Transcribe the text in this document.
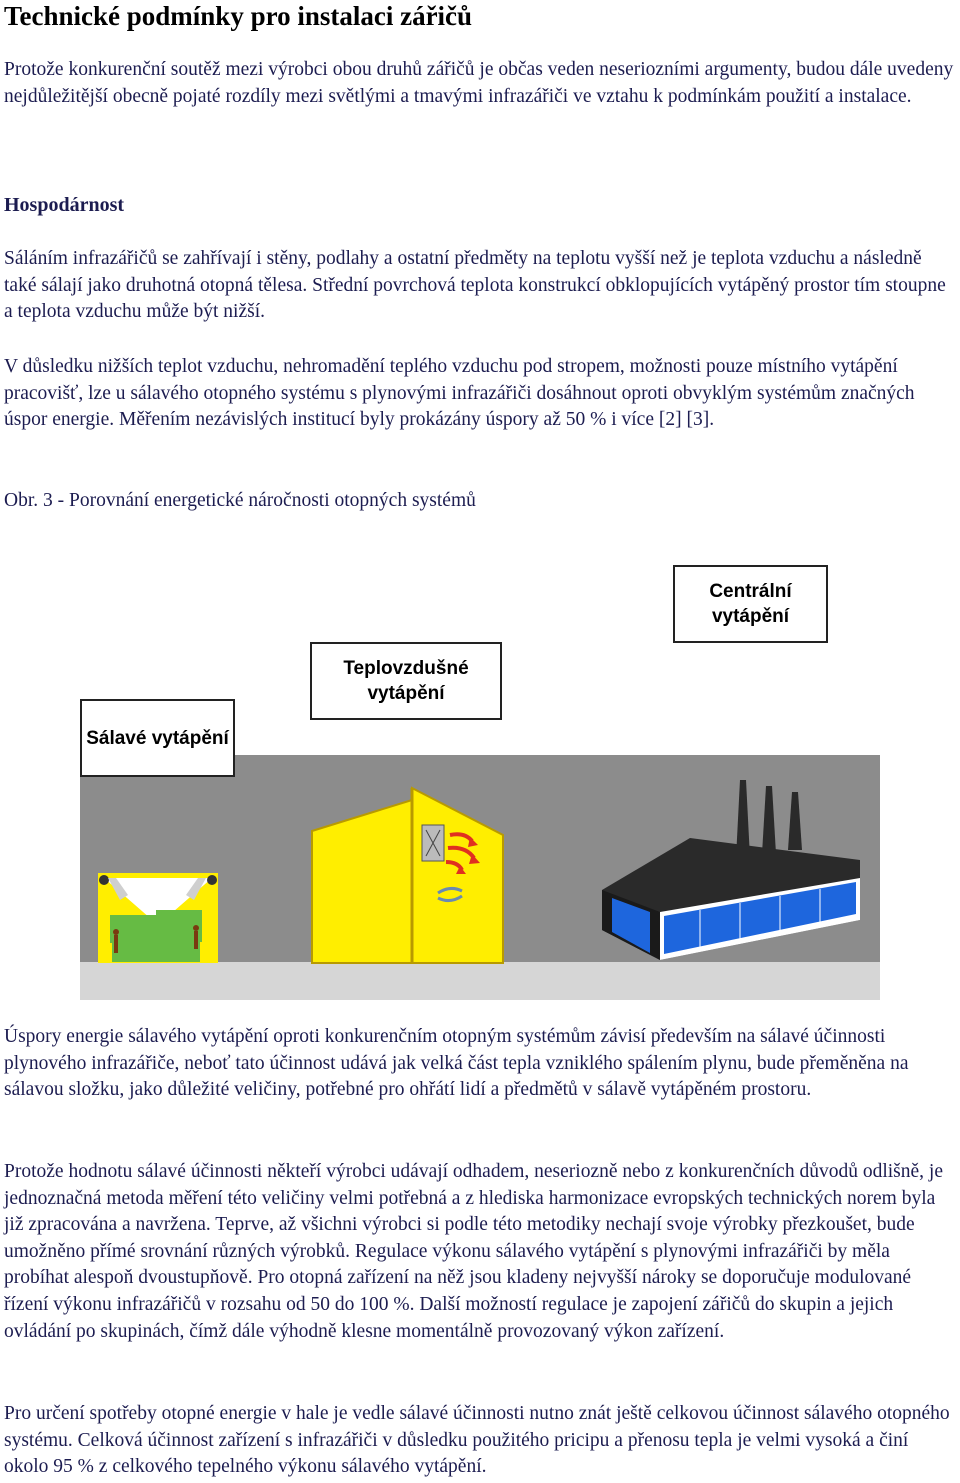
Technické podmínky pro instalaci zářičů
Protože konkurenční soutěž mezi výrobci obou druhů zářičů je občas veden neseriozními argumenty, budou dále uvedeny nejdůležitější obecně pojaté rozdíly mezi světlými a tmavými infrazářiči ve vztahu k podmínkám použití a instalace.
Hospodárnost
Sáláním infrazářičů se zahřívají i stěny, podlahy a ostatní předměty na teplotu vyšší než je teplota vzduchu a následně také sálají jako druhotná otopná tělesa. Střední povrchová teplota konstrukcí obklopujících vytápěný prostor tím stoupne a teplota vzduchu může být nižší.
V důsledku nižších teplot vzduchu, nehromadění teplého vzduchu pod stropem, možnosti pouze místního vytápění pracovišť, lze u sálavého otopného systému s plynovými infrazářiči dosáhnout oproti obvyklým systémům značných úspor energie. Měřením nezávislých institucí byly prokázány úspory až 50 % i více [2] [3].
Obr. 3 - Porovnání energetické náročnosti otopných systémů
Sálavé vytápění
Teplovzdušné vytápění
Centrální vytápění
Úspory energie sálavého vytápění oproti konkurenčním otopným systémům závisí především na sálavé účinnosti plynového infrazářiče, neboť tato účinnost udává jak velká část tepla vzniklého spálením plynu, bude přeměněna na sálavou složku, jako důležité veličiny, potřebné pro ohřátí lidí a předmětů v sálavě vytápěném prostoru.
Protože hodnotu sálavé účinnosti někteří výrobci udávají odhadem, neseriozně nebo z konkurenčních důvodů odlišně, je jednoznačná metoda měření této veličiny velmi potřebná a z hlediska harmonizace evropských technických norem byla již zpracována a navržena. Teprve, až všichni výrobci si podle této metodiky nechají svoje výrobky přezkoušet, bude umožněno přímé srovnání různých výrobků. Regulace výkonu sálavého vytápění s plynovými infrazářiči by měla probíhat alespoň dvoustupňově. Pro otopná zařízení na něž jsou kladeny nejvyšší nároky se doporučuje modulované řízení výkonu infrazářičů v rozsahu od 50 do 100 %. Další možností regulace je zapojení zářičů do skupin a jejich ovládání po skupinách, čímž dále výhodně klesne momentálně provozovaný výkon zařízení.
Pro určení spotřeby otopné energie v hale je vedle sálavé účinnosti nutno znát ještě celkovou účinnost sálavého otopného systému. Celková účinnost zařízení s infrazářiči v důsledku použitého pricipu a přenosu tepla je velmi vysoká a činí okolo 95 % z celkového tepelného výkonu sálavého vytápění.
